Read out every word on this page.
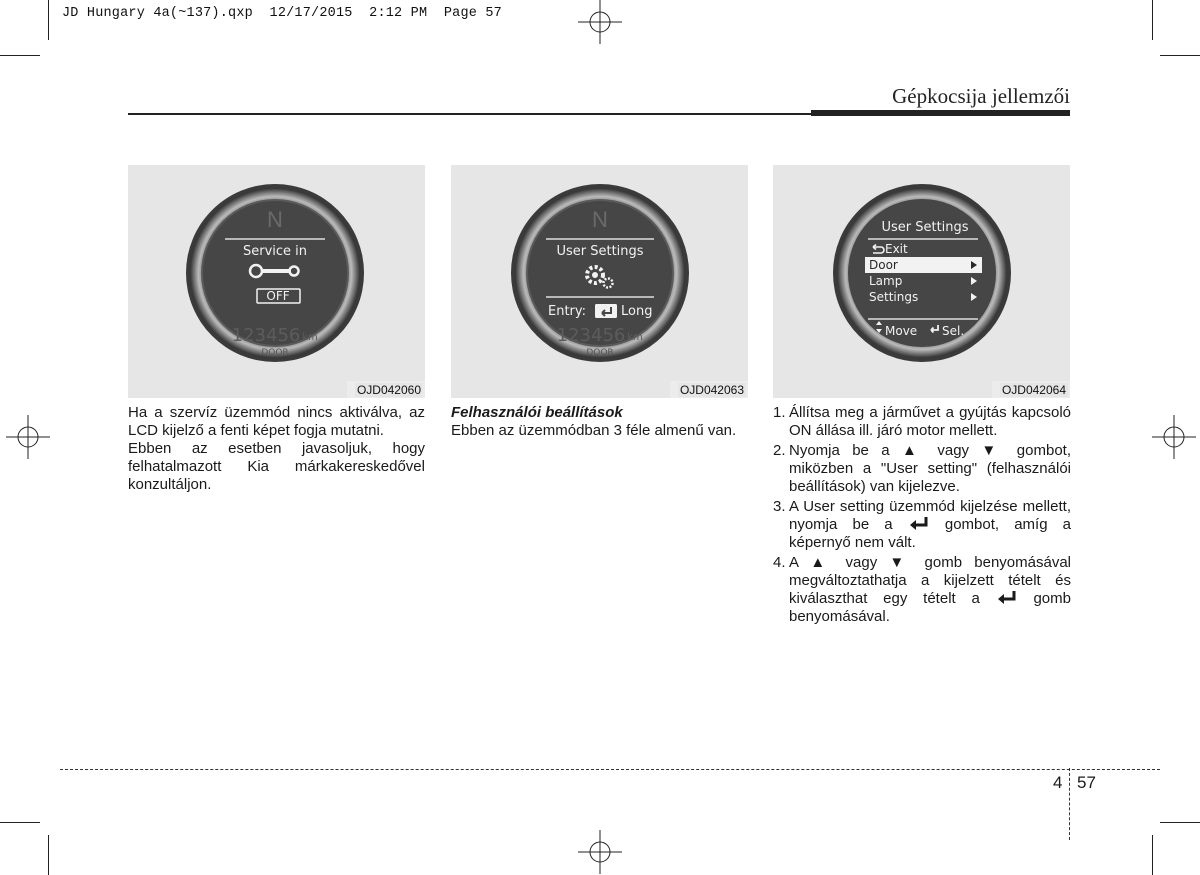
JD Hungary 4a(~137).qxp  12/17/2015  2:12 PM  Page 57
Gépkocsija jellemzői
N
Service in
OFF
123456 km
DOOR
OJD042060
N
User Settings
Entry:	Long
123456 km
DOOR
OJD042063
User Settings
Exit
Door
Lamp
Settings
Move Sel.
OJD042064

Ha a szervíz üzemmód nincs aktiválva, az LCD kijelző a fenti képet fogja mutatni.

Ebben az esetben javasoljuk, hogy felhatalmazott Kia márkakereskedővel konzultáljon.

Felhasználói beállítások

Ebben az üzemmódban 3 féle almenű van.

1. Állítsa meg a járművet a gyújtás kapcsoló ON állása ill. járó motor mellett.
2. Nyomja be a ▲ vagy ▼ gombot, miközben a "User setting" (felhasználói beállítások) van kijelezve.
3. A User setting üzemmód kijelzése mellett, nyomja be a	gombot, amíg a képernyő nem vált.
4. A ▲ vagy ▼ gomb benyomásával megváltoztathatja a kijelzett tételt és kiválaszthat egy tételt a	gomb benyomásával.
4 57
